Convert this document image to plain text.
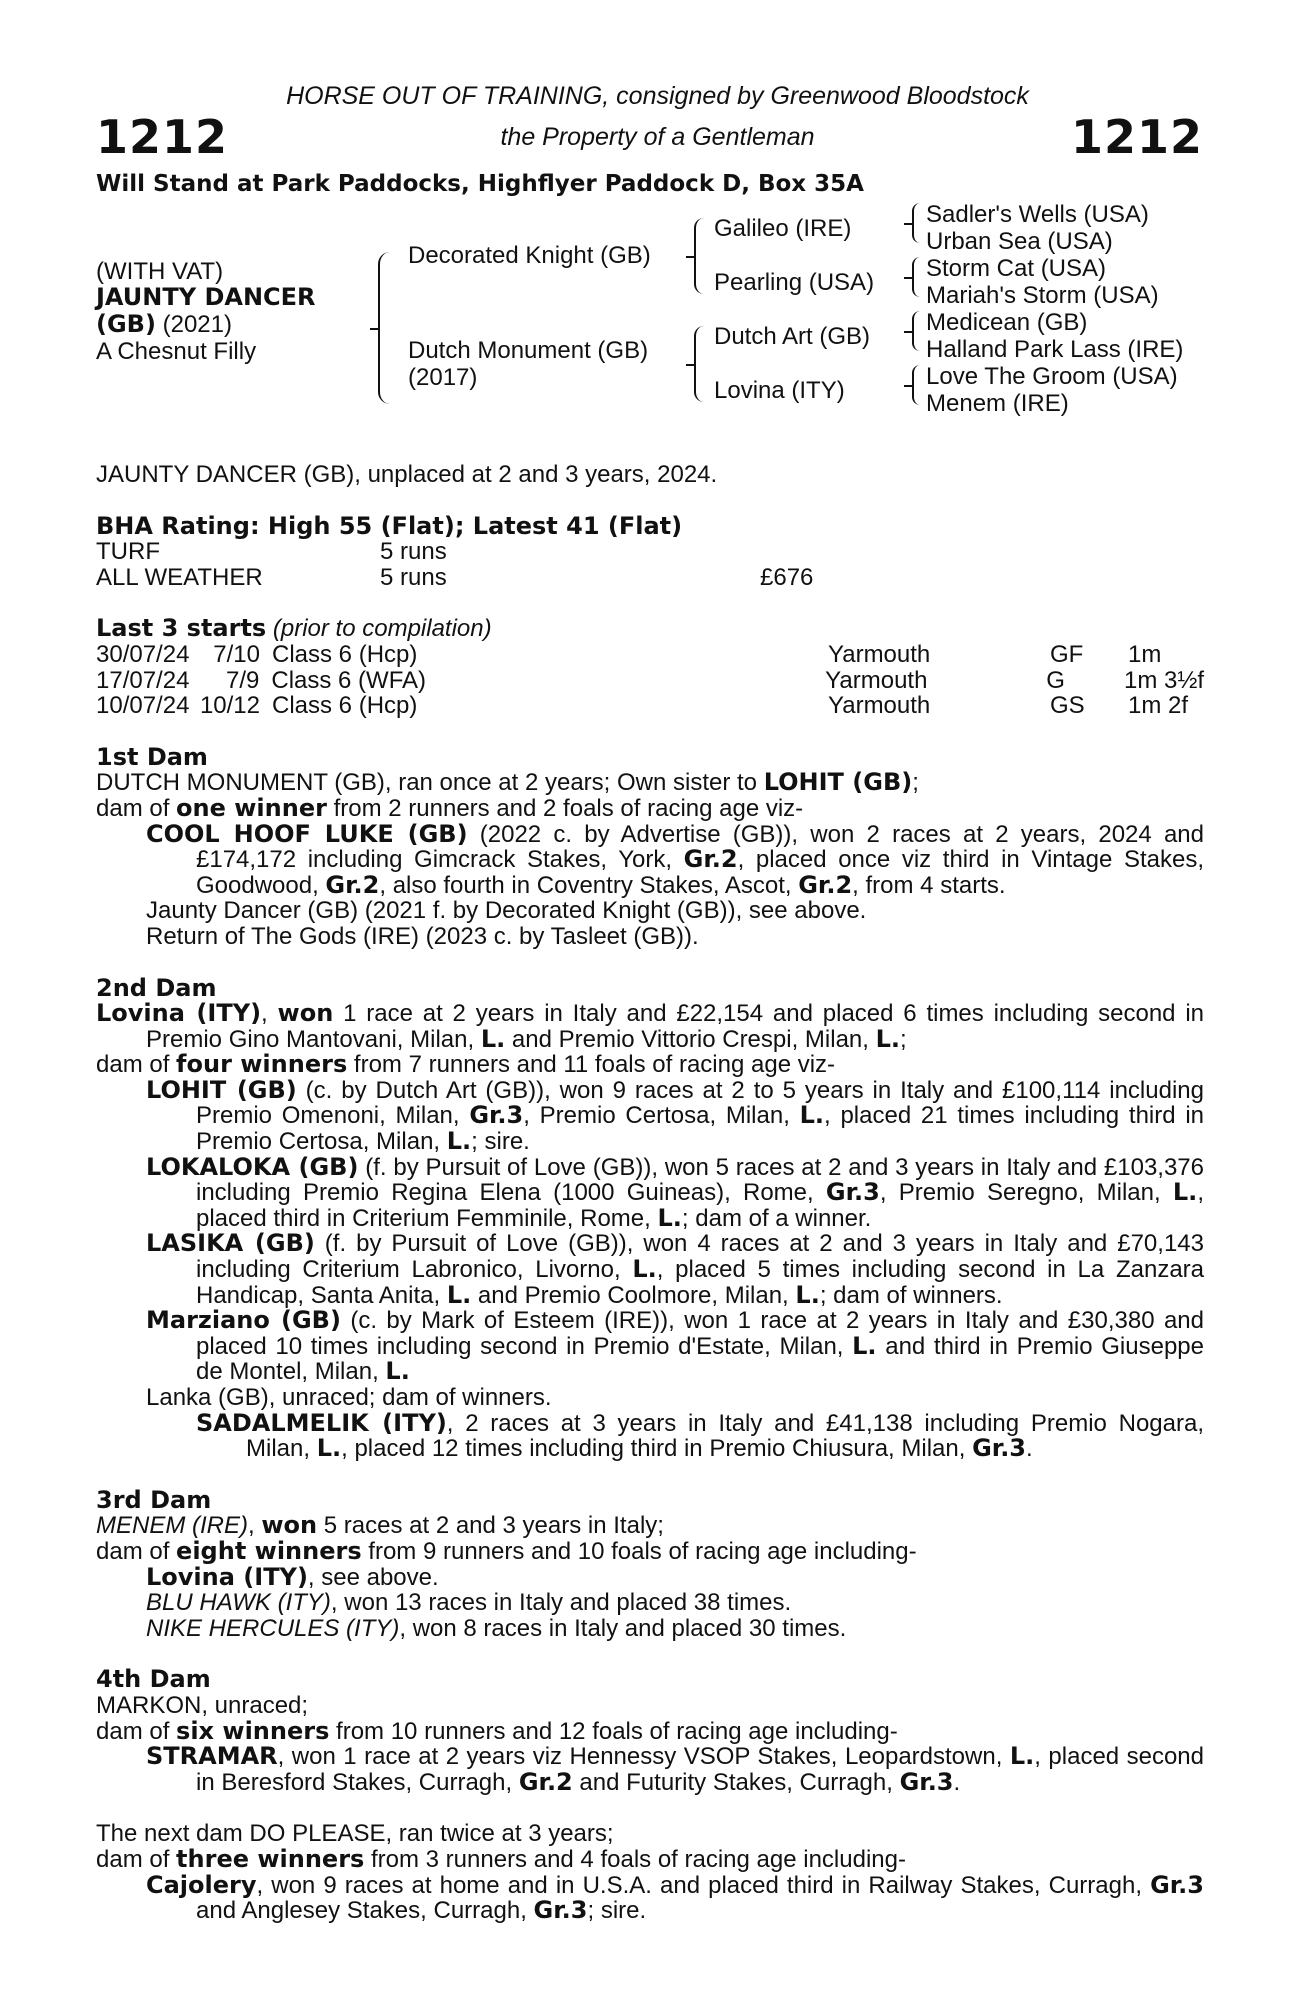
1212	1212
HORSE OUT OF TRAINING, consigned by Greenwood Bloodstock
the Property of a Gentleman
Will Stand at Park Paddocks, Highflyer Paddock D, Box 35A
(WITH VAT)
JAUNTY DANCER
(GB) (2021)
A Chesnut Filly
Decorated Knight (GB)
Dutch Monument (GB)
(2017)
Galileo (IRE)
Pearling (USA)
Dutch Art (GB)
Lovina (ITY)
Sadler's Wells (USA)
Urban Sea (USA)
Storm Cat (USA)
Mariah's Storm (USA)
Medicean (GB)
Halland Park Lass (IRE)
Love The Groom (USA)
Menem (IRE)

JAUNTY DANCER (GB), unplaced at 2 and 3 years, 2024.

BHA Rating: High 55 (Flat); Latest 41 (Flat)

TURF	5 runs
ALL WEATHER	5 runs	£676

Last 3 starts (prior to compilation)

30/07/24 7/10 Class 6 (Hcp)	Yarmouth	GF	1m
17/07/24	7/9 Class 6 (WFA)	Yarmouth	G	1m 3½f
10/07/24 10/12 Class 6 (Hcp)	Yarmouth	GS	1m 2f

1st Dam

DUTCH MONUMENT (GB), ran once at 2 years; Own sister to LOHIT (GB);

dam of one winner from 2 runners and 2 foals of racing age viz-

COOL HOOF LUKE (GB) (2022 c. by Advertise (GB)), won 2 races at 2 years, 2024 and £174,172 including Gimcrack Stakes, York, Gr.2, placed once viz third in Vintage Stakes, Goodwood, Gr.2, also fourth in Coventry Stakes, Ascot, Gr.2, from 4 starts.

Jaunty Dancer (GB) (2021 f. by Decorated Knight (GB)), see above.

Return of The Gods (IRE) (2023 c. by Tasleet (GB)).

2nd Dam

Lovina (ITY), won 1 race at 2 years in Italy and £22,154 and placed 6 times including second in Premio Gino Mantovani, Milan, L. and Premio Vittorio Crespi, Milan, L.;

dam of four winners from 7 runners and 11 foals of racing age viz-

LOHIT (GB) (c. by Dutch Art (GB)), won 9 races at 2 to 5 years in Italy and £100,114 including Premio Omenoni, Milan, Gr.3, Premio Certosa, Milan, L., placed 21 times including third in Premio Certosa, Milan, L.; sire.

LOKALOKA (GB) (f. by Pursuit of Love (GB)), won 5 races at 2 and 3 years in Italy and £103,376 including Premio Regina Elena (1000 Guineas), Rome, Gr.3, Premio Seregno, Milan, L., placed third in Criterium Femminile, Rome, L.; dam of a winner.

LASIKA (GB) (f. by Pursuit of Love (GB)), won 4 races at 2 and 3 years in Italy and £70,143 including Criterium Labronico, Livorno, L., placed 5 times including second in La Zanzara Handicap, Santa Anita, L. and Premio Coolmore, Milan, L.; dam of winners.

Marziano (GB) (c. by Mark of Esteem (IRE)), won 1 race at 2 years in Italy and £30,380 and placed 10 times including second in Premio d'Estate, Milan, L. and third in Premio Giuseppe de Montel, Milan, L.

Lanka (GB), unraced; dam of winners.

SADALMELIK (ITY), 2 races at 3 years in Italy and £41,138 including Premio Nogara, Milan, L., placed 12 times including third in Premio Chiusura, Milan, Gr.3.

3rd Dam

MENEM (IRE), won 5 races at 2 and 3 years in Italy;

dam of eight winners from 9 runners and 10 foals of racing age including-

Lovina (ITY), see above.

BLU HAWK (ITY), won 13 races in Italy and placed 38 times.

NIKE HERCULES (ITY), won 8 races in Italy and placed 30 times.

4th Dam

MARKON, unraced;

dam of six winners from 10 runners and 12 foals of racing age including-

STRAMAR, won 1 race at 2 years viz Hennessy VSOP Stakes, Leopardstown, L., placed second in Beresford Stakes, Curragh, Gr.2 and Futurity Stakes, Curragh, Gr.3.

The next dam DO PLEASE, ran twice at 3 years;

dam of three winners from 3 runners and 4 foals of racing age including-

Cajolery, won 9 races at home and in U.S.A. and placed third in Railway Stakes, Curragh, Gr.3 and Anglesey Stakes, Curragh, Gr.3; sire.
